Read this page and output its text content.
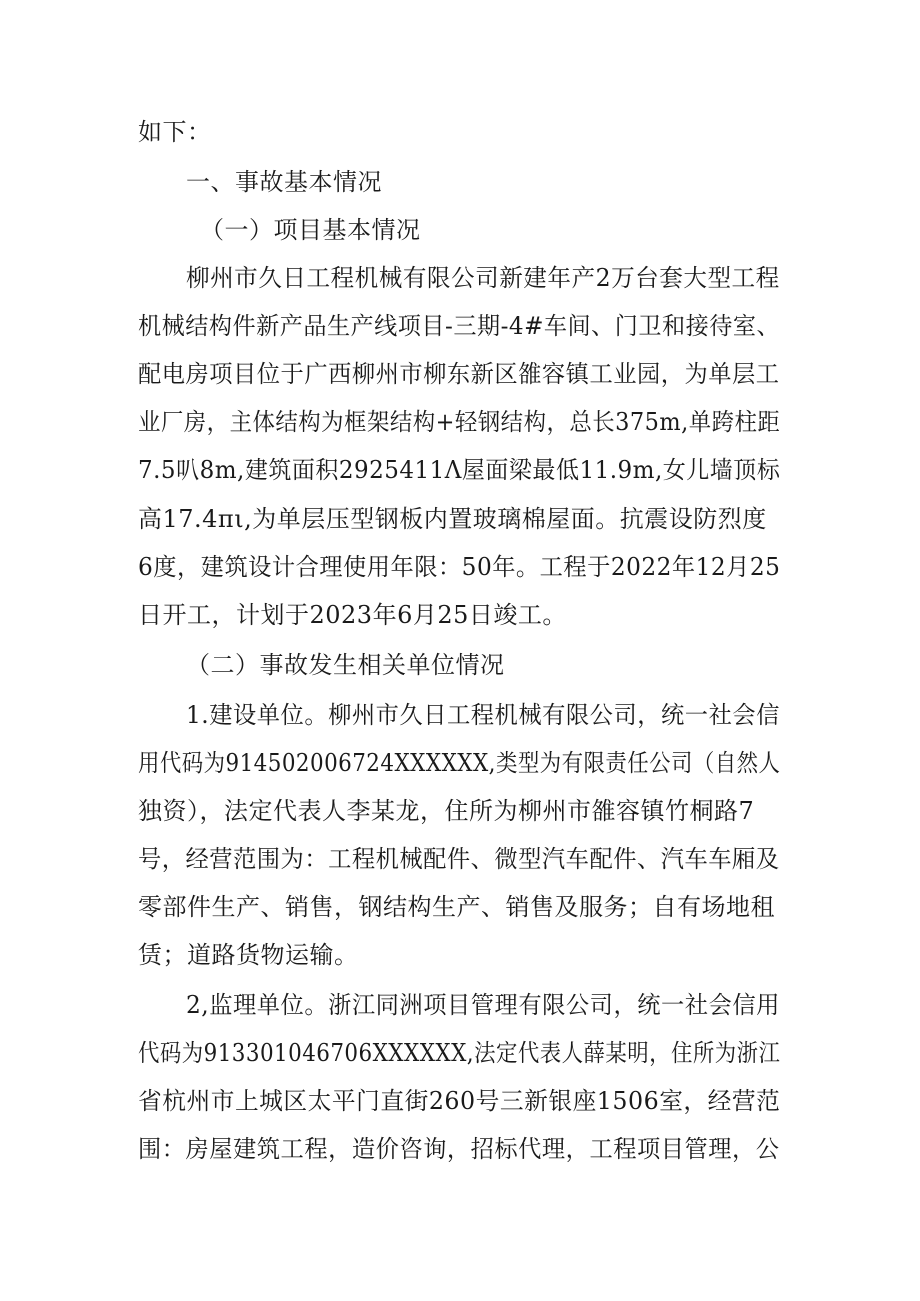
如下：
一、事故基本情况
（一）项目基本情况
柳州市久日工程机械有限公司新建年产2万台套大型工程
机械结构件新产品生产线项目-三期-4#车间、门卫和接待室、
配电房项目位于广西柳州市柳东新区雒容镇工业园，为单层工
业厂房，主体结构为框架结构+轻钢结构，总长375m,单跨柱距
7.5叭8m,建筑面积2925411Λ屋面梁最低11.9m,女儿墙顶标
高17.4πι,为单层压型钢板内置玻璃棉屋面。抗震设防烈度
6度，建筑设计合理使用年限：50年。工程于2022年12月25
日开工，计划于2023年6月25日竣工。
（二）事故发生相关单位情况
1.建设单位。柳州市久日工程机械有限公司，统一社会信
用代码为914502006724XXXXXX,类型为有限责任公司（自然人
独资），法定代表人李某龙，住所为柳州市雒容镇竹桐路7
号，经营范围为：工程机械配件、微型汽车配件、汽车车厢及
零部件生产、销售，钢结构生产、销售及服务；自有场地租
赁；道路货物运输。
2,监理单位。浙江同洲项目管理有限公司，统一社会信用
代码为913301046706XXXXXX,法定代表人薛某明，住所为浙江
省杭州市上城区太平门直街260号三新银座1506室，经营范
围：房屋建筑工程，造价咨询，招标代理，工程项目管理，公
